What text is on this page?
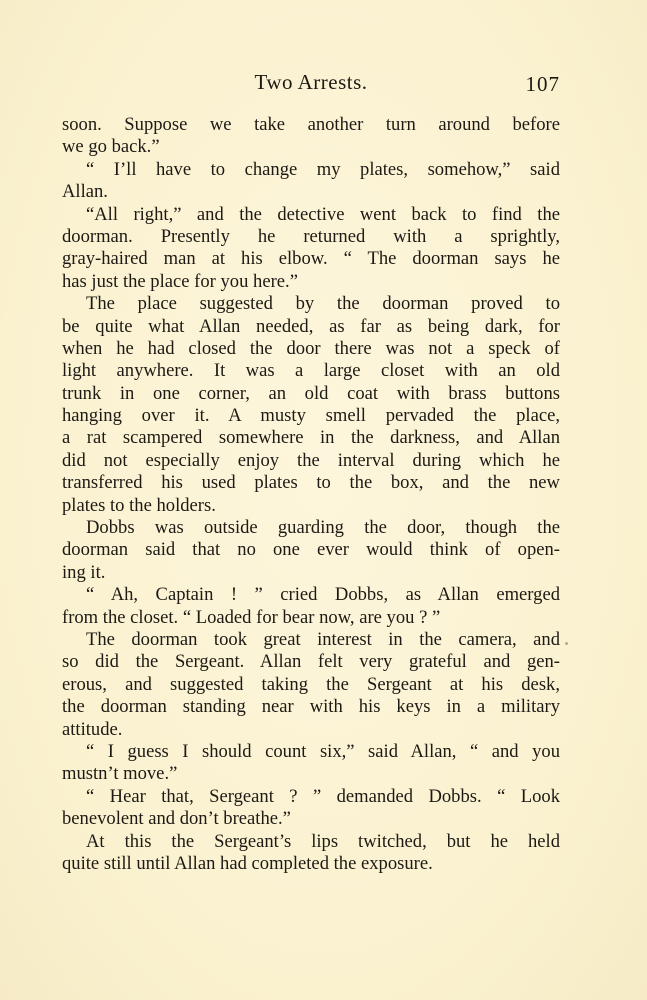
Two Arrests.	107
soon. Suppose we take another turn around before
we go back.”
“ I’ll have to change my plates, somehow,” said
Allan.
“All right,” and the detective went back to find the
doorman. Presently he returned with a sprightly,
gray-haired man at his elbow. “ The doorman says he
has just the place for you here.”
The place suggested by the doorman proved to
be quite what Allan needed, as far as being dark, for
when he had closed the door there was not a speck of
light anywhere. It was a large closet with an old
trunk in one corner, an old coat with brass buttons
hanging over it. A musty smell pervaded the place,
a rat scampered somewhere in the darkness, and Allan
did not especially enjoy the interval during which he
transferred his used plates to the box, and the new
plates to the holders.
Dobbs was outside guarding the door, though the
doorman said that no one ever would think of open-
ing it.
“ Ah, Captain ! ” cried Dobbs, as Allan emerged
from the closet. “ Loaded for bear now, are you ? ”
The doorman took great interest in the camera, and
so did the Sergeant. Allan felt very grateful and gen-
erous, and suggested taking the Sergeant at his desk,
the doorman standing near with his keys in a military
attitude.
“ I guess I should count six,” said Allan, “ and you
mustn’t move.”
“ Hear that, Sergeant ? ” demanded Dobbs. “ Look
benevolent and don’t breathe.”
At this the Sergeant’s lips twitched, but he held
quite still until Allan had completed the exposure.
